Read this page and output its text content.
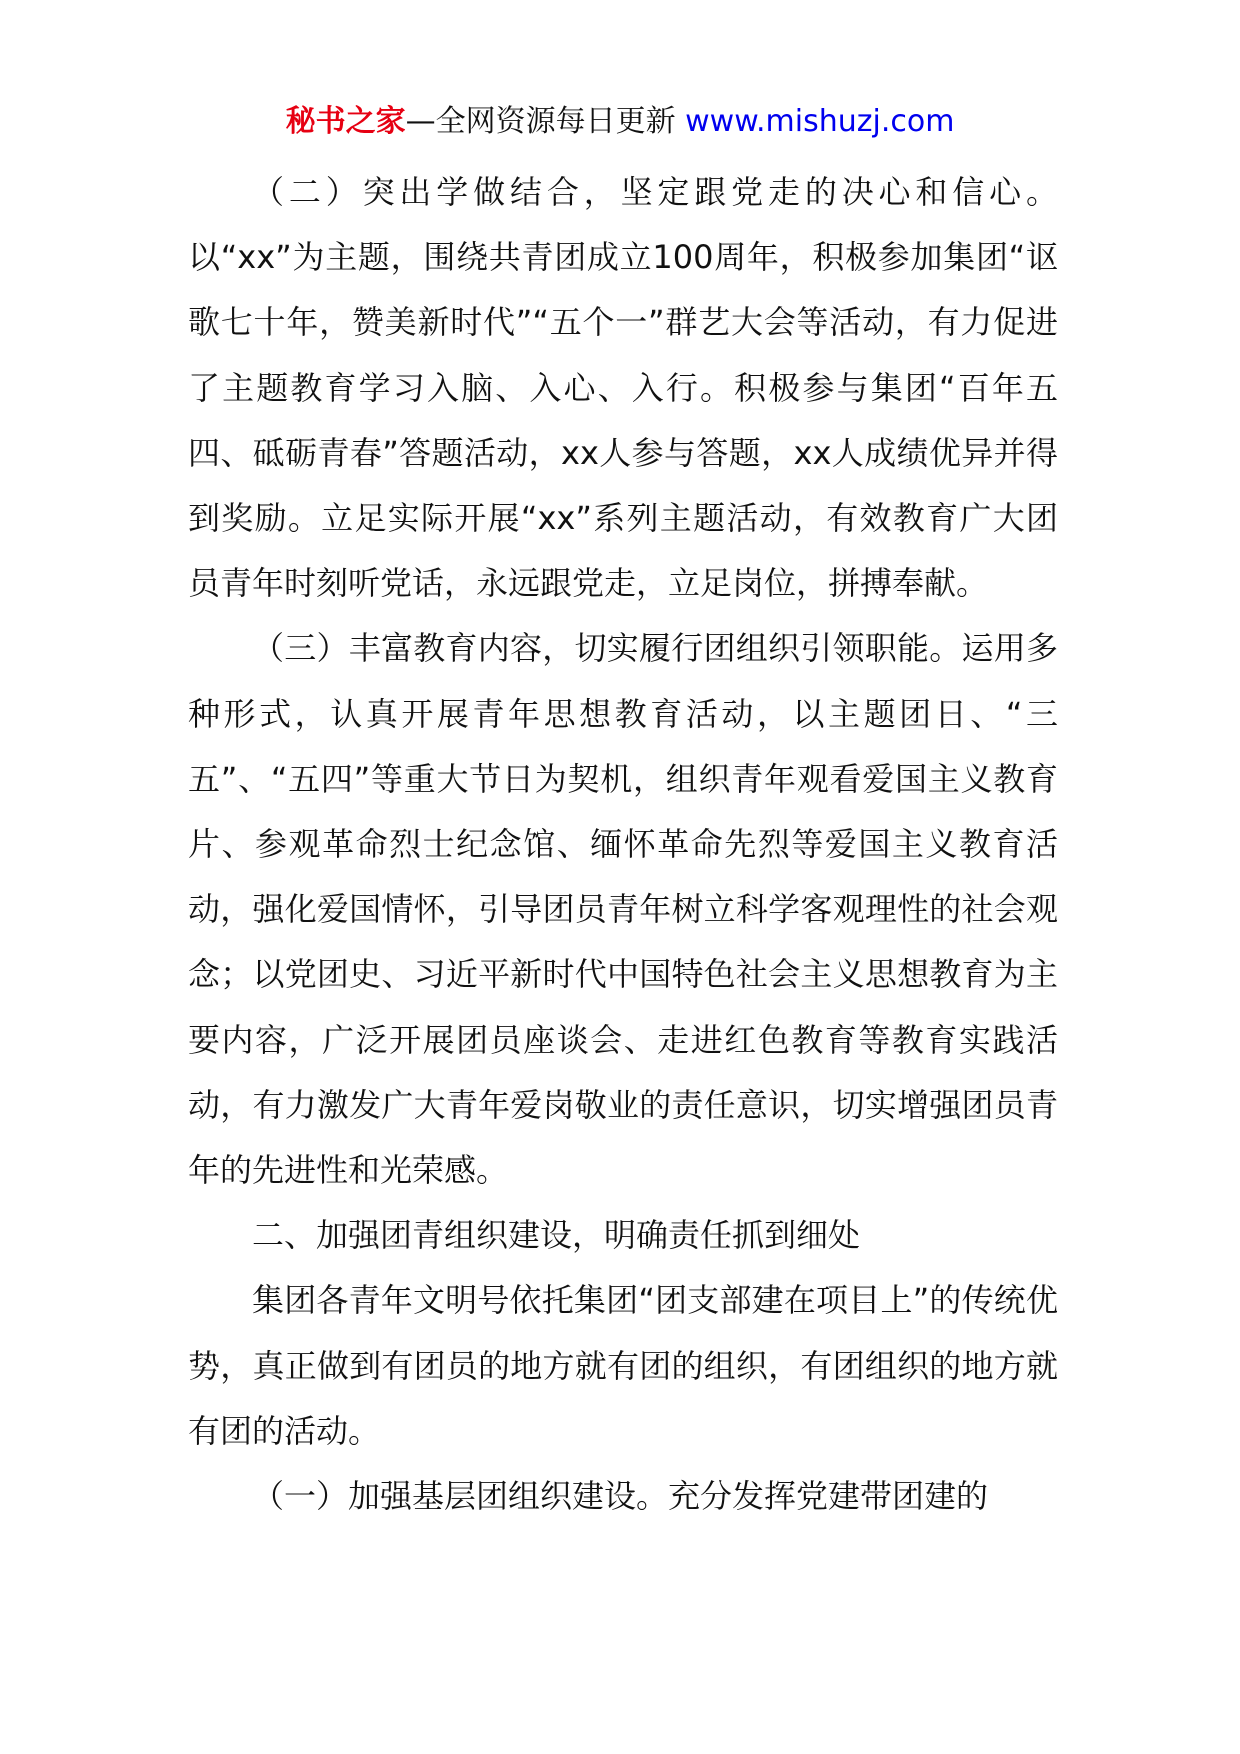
秘书之家—全网资源每日更新 www.mishuzj.com

（二）突出学做结合，坚定跟党走的决心和信心。以“xx”为主题，围绕共青团成立100周年，积极参加集团“讴歌七十年，赞美新时代”“五个一”群艺大会等活动，有力促进了主题教育学习入脑、入心、入行。积极参与集团“百年五四、砥砺青春”答题活动，xx人参与答题，xx人成绩优异并得到奖励。立足实际开展“xx”系列主题活动，有效教育广大团员青年时刻听党话，永远跟党走，立足岗位，拼搏奉献。

（三）丰富教育内容，切实履行团组织引领职能。运用多种形式，认真开展青年思想教育活动，以主题团日、“三五”、“五四”等重大节日为契机，组织青年观看爱国主义教育片、参观革命烈士纪念馆、缅怀革命先烈等爱国主义教育活动，强化爱国情怀，引导团员青年树立科学客观理性的社会观念；以党团史、习近平新时代中国特色社会主义思想教育为主要内容，广泛开展团员座谈会、走进红色教育等教育实践活动，有力激发广大青年爱岗敬业的责任意识，切实增强团员青年的先进性和光荣感。

二、加强团青组织建设，明确责任抓到细处

集团各青年文明号依托集团“团支部建在项目上”的传统优势，真正做到有团员的地方就有团的组织，有团组织的地方就有团的活动。

（一）加强基层团组织建设。充分发挥党建带团建的
